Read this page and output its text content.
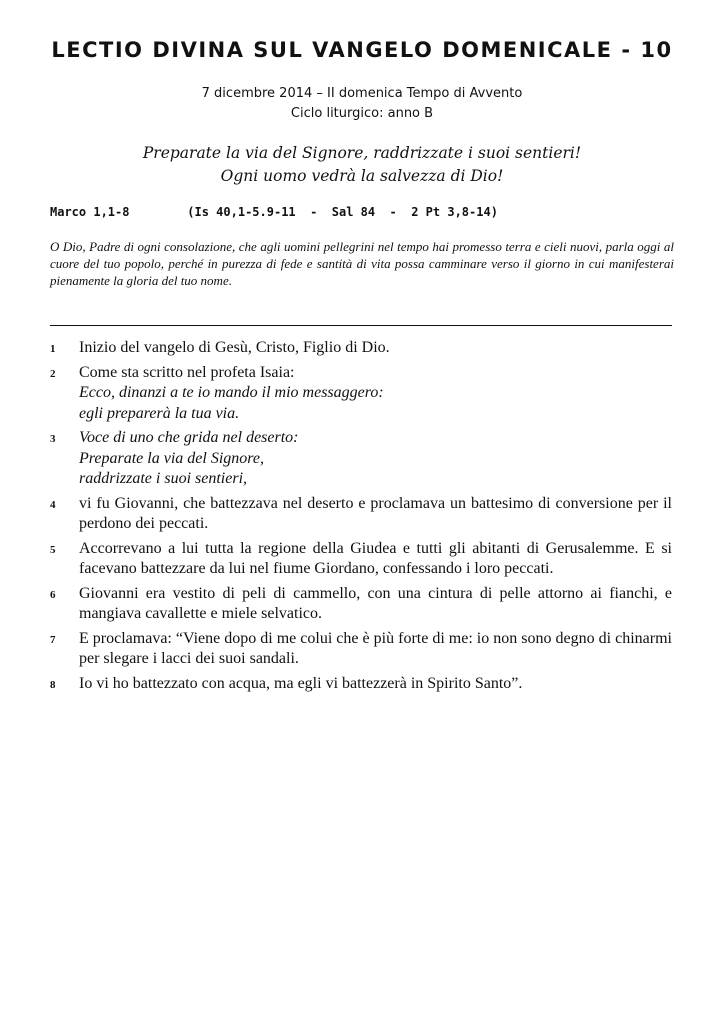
LECTIO DIVINA SUL VANGELO DOMENICALE - 10
7 dicembre 2014 – II domenica Tempo di Avvento
Ciclo liturgico: anno B
Preparate la via del Signore, raddrizzate i suoi sentieri!
Ogni uomo vedrà la salvezza di Dio!
Marco 1,1-8        (Is 40,1-5.9-11  -  Sal 84  -  2 Pt 3,8-14)
O Dio, Padre di ogni consolazione, che agli uomini pellegrini nel tempo hai promesso terra e cieli nuovi, parla oggi al cuore del tuo popolo, perché in purezza di fede e santità di vita possa camminare verso il giorno in cui manifesterai pienamente la gloria del tuo nome.
1	Inizio del vangelo di Gesù, Cristo, Figlio di Dio.
2	Come sta scritto nel profeta Isaia:
Ecco, dinanzi a te io mando il mio messaggero:
egli preparerà la tua via.
3	Voce di uno che grida nel deserto:
Preparate la via del Signore,
raddrizzate i suoi sentieri,
4	vi fu Giovanni, che battezzava nel deserto e proclamava un battesimo di conversione per il perdono dei peccati.
5	Accorrevano a lui tutta la regione della Giudea e tutti gli abitanti di Gerusalemme. E si facevano battezzare da lui nel fiume Giordano, confessando i loro peccati.
6	Giovanni era vestito di peli di cammello, con una cintura di pelle attorno ai fianchi, e mangiava cavallette e miele selvatico.
7	E proclamava: “Viene dopo di me colui che è più forte di me: io non sono degno di chinarmi per slegare i lacci dei suoi sandali.
8	Io vi ho battezzato con acqua, ma egli vi battezzerà in Spirito Santo”.
